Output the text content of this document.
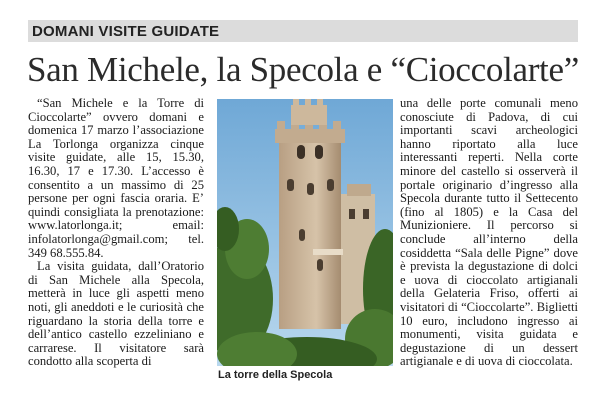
DOMANI VISITE GUIDATE
San Michele, la Specola e “Cioccolarte”

“San Michele e la Torre di Cioccolarte” ovvero domani e domenica 17 marzo l’associazione La Torlonga organizza cinque visite guidate, alle 15, 15.30, 16.30, 17 e 17.30. L’accesso è consentito a un massimo di 25 persone per ogni fascia oraria. E’ quindi consigliata la prenotazione: www.latorlonga.it; email: infolatorlonga@gmail.com; tel. 349 68.555.84.

La visita guidata, dall’Oratorio di San Michele alla Specola, metterà in luce gli aspetti meno noti, gli aneddoti e le curiosità che riguardano la storia della torre e dell’antico castello ezzeliniano e carrarese. Il visitatore sarà condotto alla scoperta di

La torre della Specola

una delle porte comunali meno conosciute di Padova, di cui importanti scavi archeologici hanno riportato alla luce interessanti reperti. Nella corte minore del castello si osserverà il portale originario d’ingresso alla Specola durante tutto il Settecento (fino al 1805) e la Casa del Munizioniere. Il percorso si conclude all’interno della cosiddetta “Sala delle Pigne” dove è prevista la degustazione di dolci e uova di cioccolato artigianali della Gelateria Friso, offerti ai visitatori di “Cioccolarte”. Biglietti 10 euro, includono ingresso ai monumenti, visita guidata e degustazione di un dessert artigianale e di uova di cioccolata.
